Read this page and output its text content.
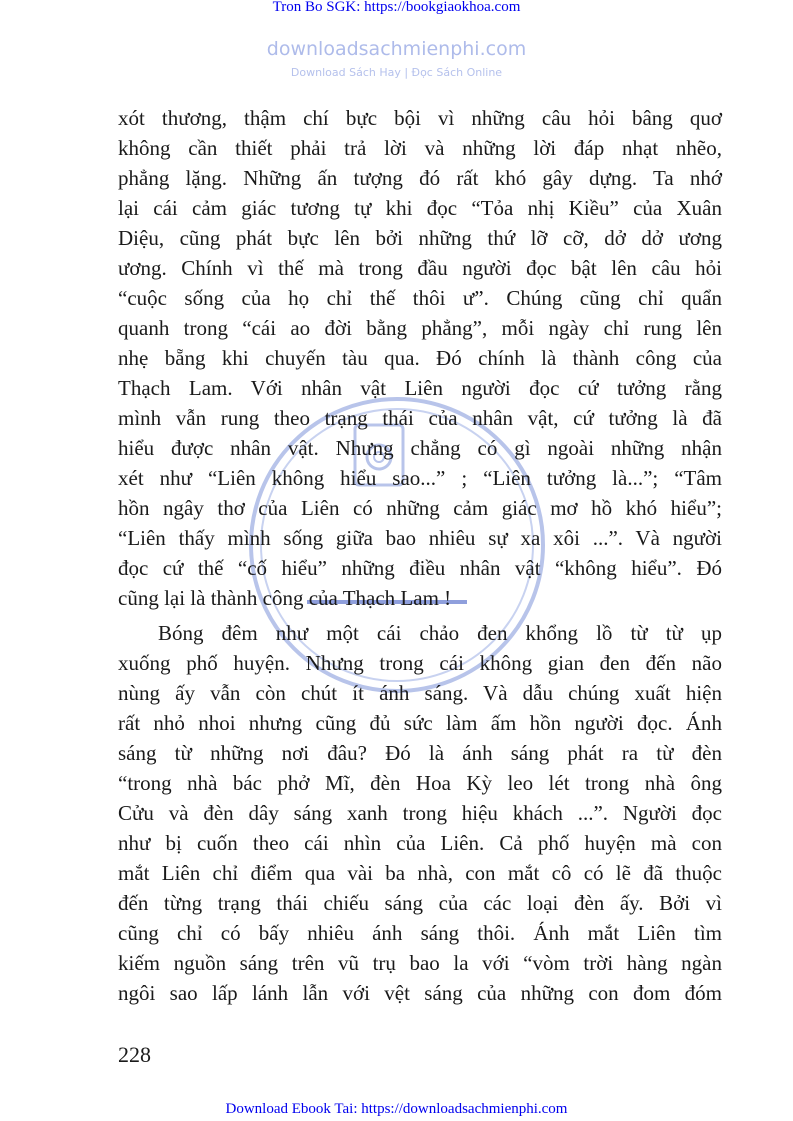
Tron Bo SGK: https://bookgiaokhoa.com
downloadsachmienphi.com
Download Sách Hay | Đọc Sách Online
xót thương, thậm chí bực bội vì những câu hỏi bâng quơ
không cần thiết phải trả lời và những lời đáp nhạt nhẽo,
phẳng lặng. Những ấn tượng đó rất khó gây dựng. Ta nhớ
lại cái cảm giác tương tự khi đọc “Tỏa nhị Kiều” của Xuân
Diệu, cũng phát bực lên bởi những thứ lỡ cỡ, dở dở ương
ương. Chính vì thế mà trong đầu người đọc bật lên câu hỏi
“cuộc sống của họ chỉ thế thôi ư”. Chúng cũng chỉ quẩn
quanh trong “cái ao đời bằng phẳng”, mỗi ngày chỉ rung lên
nhẹ bẵng khi chuyến tàu qua. Đó chính là thành công của
Thạch Lam. Với nhân vật Liên người đọc cứ tưởng rằng
mình vẫn rung theo trạng thái của nhân vật, cứ tưởng là đã
hiểu được nhân vật. Nhưng chẳng có gì ngoài những nhận
xét như “Liên không hiểu sao...” ; “Liên tưởng là...”; “Tâm
hồn ngây thơ của Liên có những cảm giác mơ hồ khó hiểu”;
“Liên thấy mình sống giữa bao nhiêu sự xa xôi ...”. Và người
đọc cứ thế “cố hiểu” những điều nhân vật “không hiểu”. Đó
cũng lại là thành công của Thạch Lam !
Bóng đêm như một cái chảo đen khổng lồ từ từ ụp
xuống phố huyện. Nhưng trong cái không gian đen đến não
nùng ấy vẫn còn chút ít ánh sáng. Và dẫu chúng xuất hiện
rất nhỏ nhoi nhưng cũng đủ sức làm ấm hồn người đọc. Ánh
sáng từ những nơi đâu? Đó là ánh sáng phát ra từ đèn
“trong nhà bác phở Mĩ, đèn Hoa Kỳ leo lét trong nhà ông
Cửu và đèn dây sáng xanh trong hiệu khách ...”. Người đọc
như bị cuốn theo cái nhìn của Liên. Cả phố huyện mà con
mắt Liên chỉ điểm qua vài ba nhà, con mắt cô có lẽ đã thuộc
đến từng trạng thái chiếu sáng của các loại đèn ấy. Bởi vì
cũng chỉ có bấy nhiêu ánh sáng thôi. Ánh mắt Liên tìm
kiếm nguồn sáng trên vũ trụ bao la với “vòm trời hàng ngàn
ngôi sao lấp lánh lẫn với vệt sáng của những con đom đóm
228
Download Ebook Tai: https://downloadsachmienphi.com
